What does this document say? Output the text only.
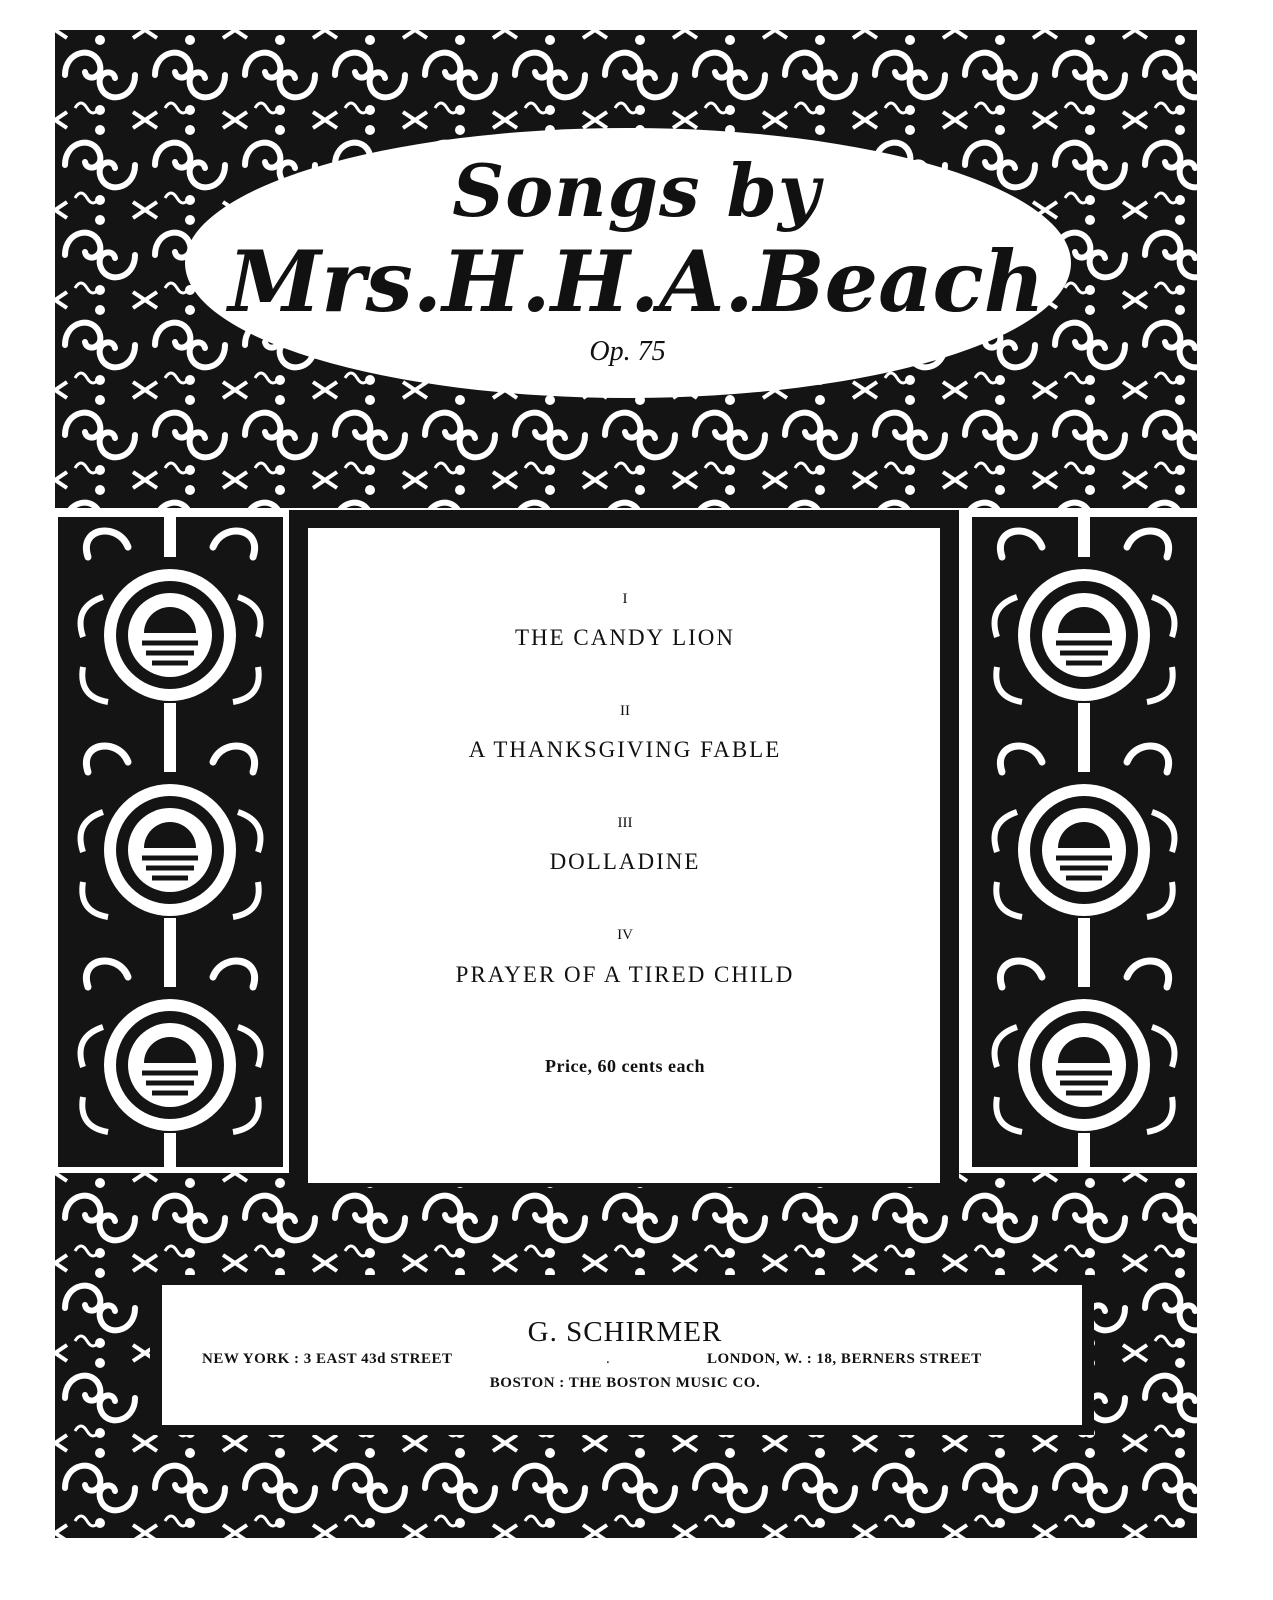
Songs by
Mrs.H.H.A.Beach
Op. 75
I
THE CANDY LION
II
A THANKSGIVING FABLE
III
DOLLADINE
IV
PRAYER OF A TIRED CHILD
Price, 60 cents each
G. SCHIRMER
NEW YORK : 3 EAST 43d STREET	.	LONDON, W. : 18, BERNERS STREET
BOSTON : THE BOSTON MUSIC CO.
